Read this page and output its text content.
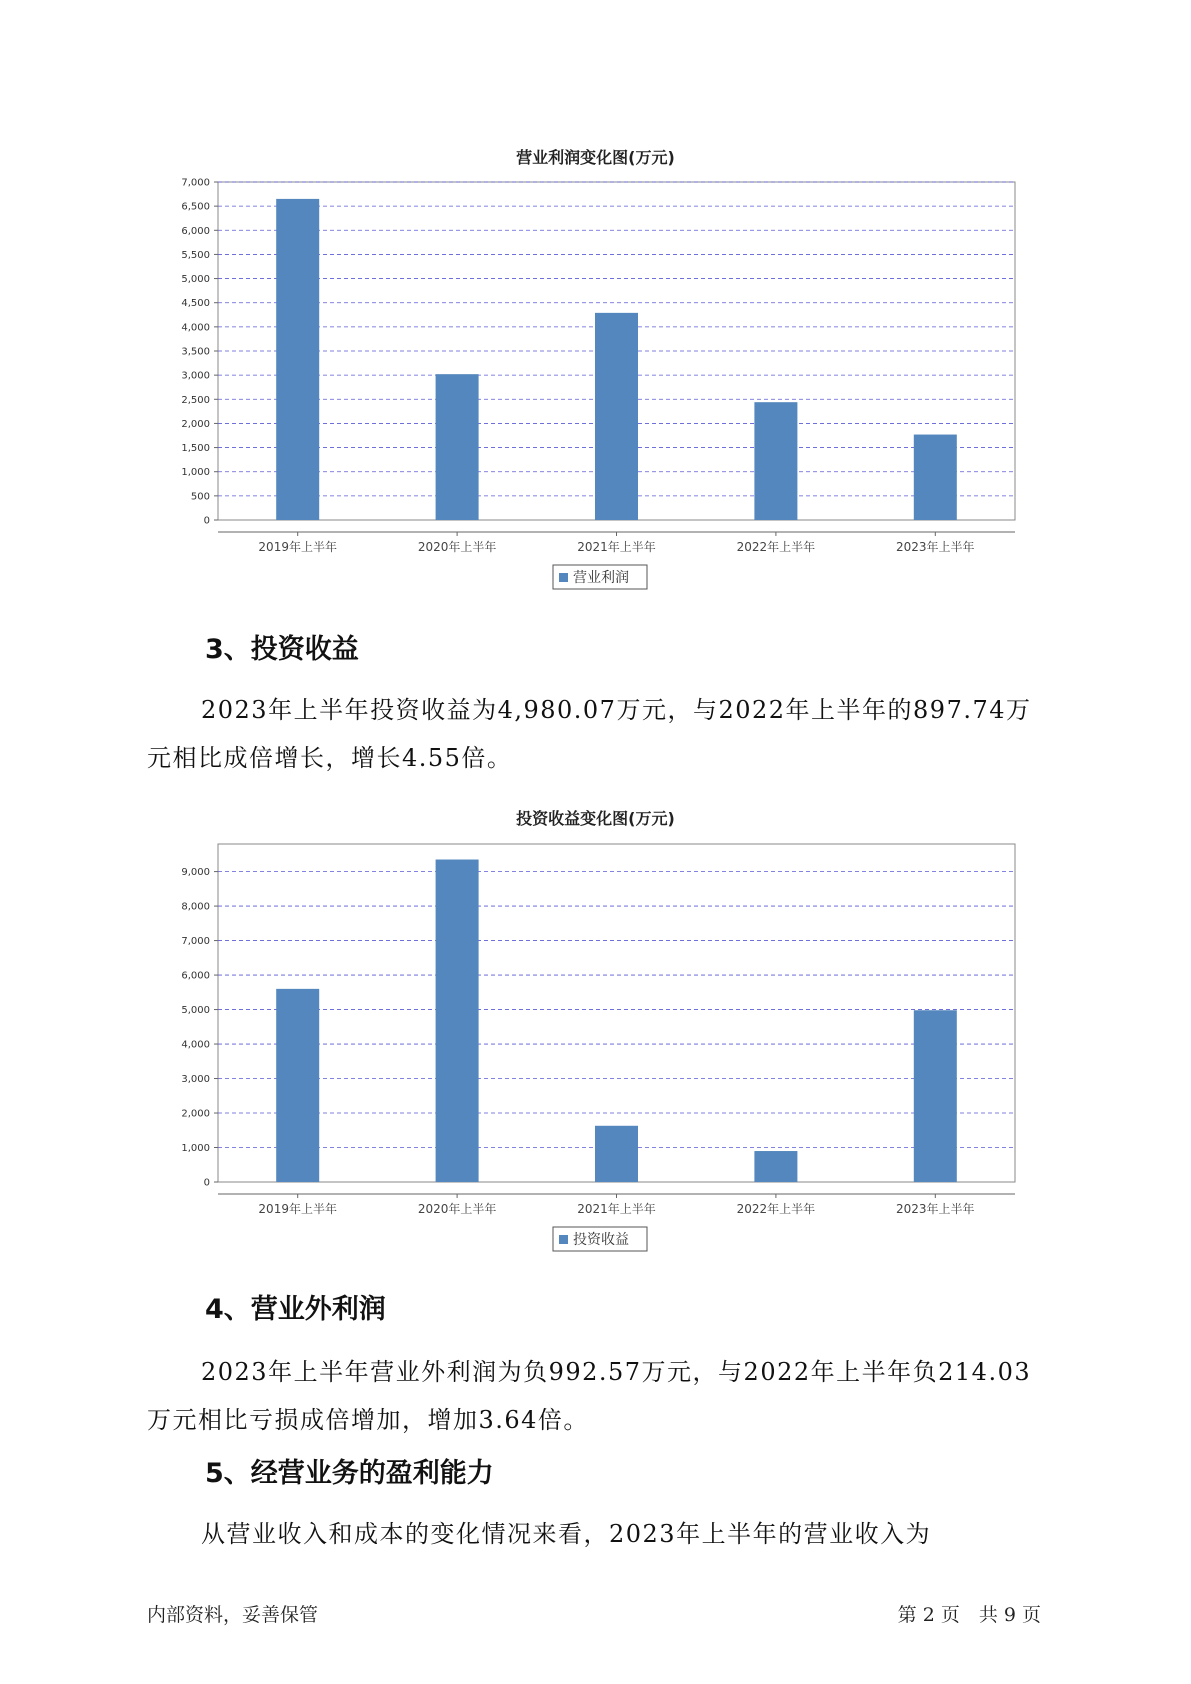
营业利润变化图(万元)
0
500
1,000
1,500
2,000
2,500
3,000
3,500
4,000
4,500
5,000
5,500
6,000
6,500
7,000
2019年上半年	2020年上半年	2021年上半年	2022年上半年	2023年上半年
营业利润
3、投资收益
2023年上半年投资收益为4,980.07万元，与2022年上半年的897.74万元相比成倍增长，增长4.55倍。
投资收益变化图(万元)
0
1,000
2,000
3,000
4,000
5,000
6,000
7,000
8,000
9,000
2019年上半年	2020年上半年	2021年上半年	2022年上半年	2023年上半年
投资收益
4、营业外利润
2023年上半年营业外利润为负992.57万元，与2022年上半年负214.03万元相比亏损成倍增加，增加3.64倍。
5、经营业务的盈利能力
从营业收入和成本的变化情况来看，2023年上半年的营业收入为
内部资料，妥善保管	第 2 页　共 9 页
